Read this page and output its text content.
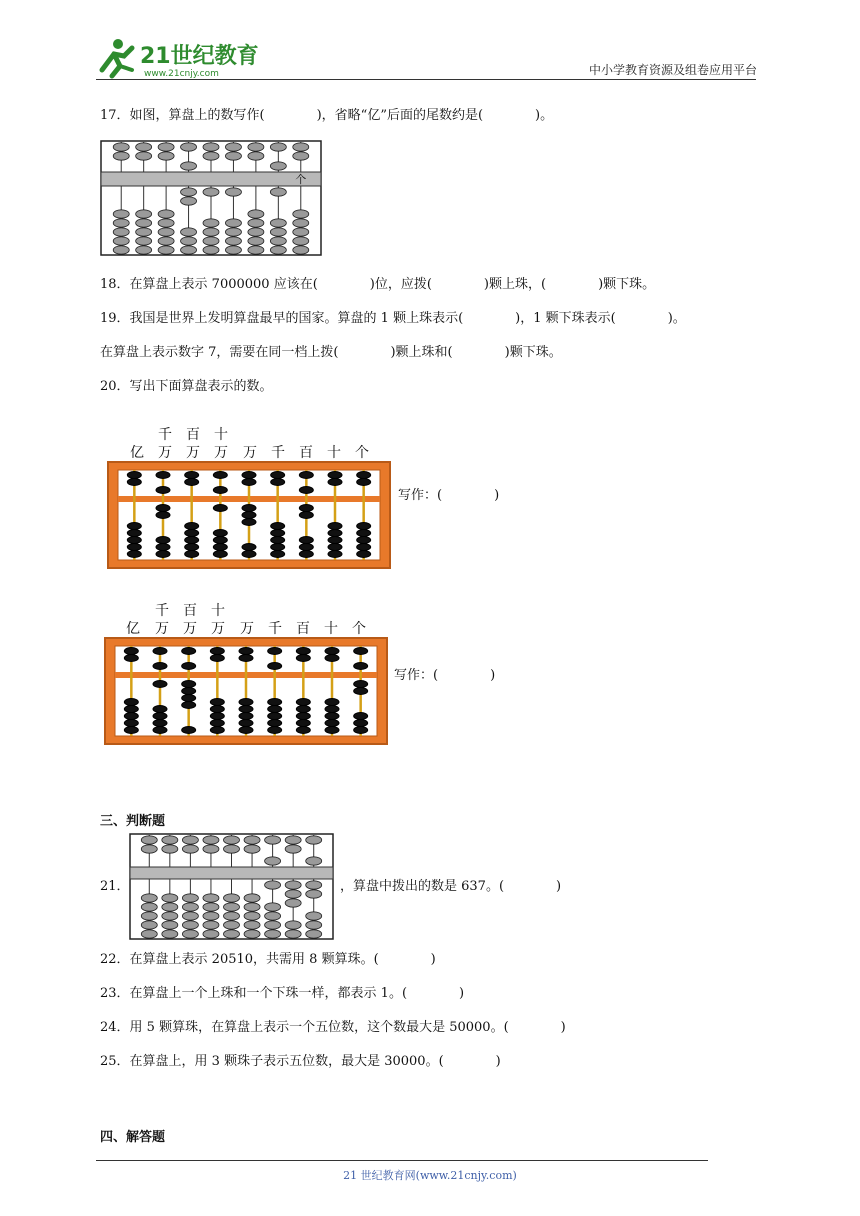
21世纪教育
www.21cnjy.com	中小学教育资源及组卷应用平台
17．如图，算盘上的数写作(　　　　)，省略“亿”后面的尾数约是(　　　　)。
个
18．在算盘上表示 7000000 应该在(　　　　)位，应拨(　　　　)颗上珠，(　　　　)颗下珠。
19．我国是世界上发明算盘最早的国家。算盘的 1 颗上珠表示(　　　　)，1 颗下珠表示(　　　　)。
在算盘上表示数字 7，需要在同一档上拨(　　　　)颗上珠和(　　　　)颗下珠。
20．写出下面算盘表示的数。
千 百 十
亿 万 万 万 万 千 百 十 个
写作：(　　　　)
千 百 十
亿 万 万 万 万 千 百 十 个
写作：(　　　　)
三、判断题
21．	，算盘中拨出的数是 637。(　　　　)
22．在算盘上表示 20510，共需用 8 颗算珠。(　　　　)
23．在算盘上一个上珠和一个下珠一样，都表示 1。(　　　　)
24．用 5 颗算珠，在算盘上表示一个五位数，这个数最大是 50000。(　　　　)
25．在算盘上，用 3 颗珠子表示五位数，最大是 30000。(　　　　)
四、解答题
21 世纪教育网(www.21cnjy.com)
